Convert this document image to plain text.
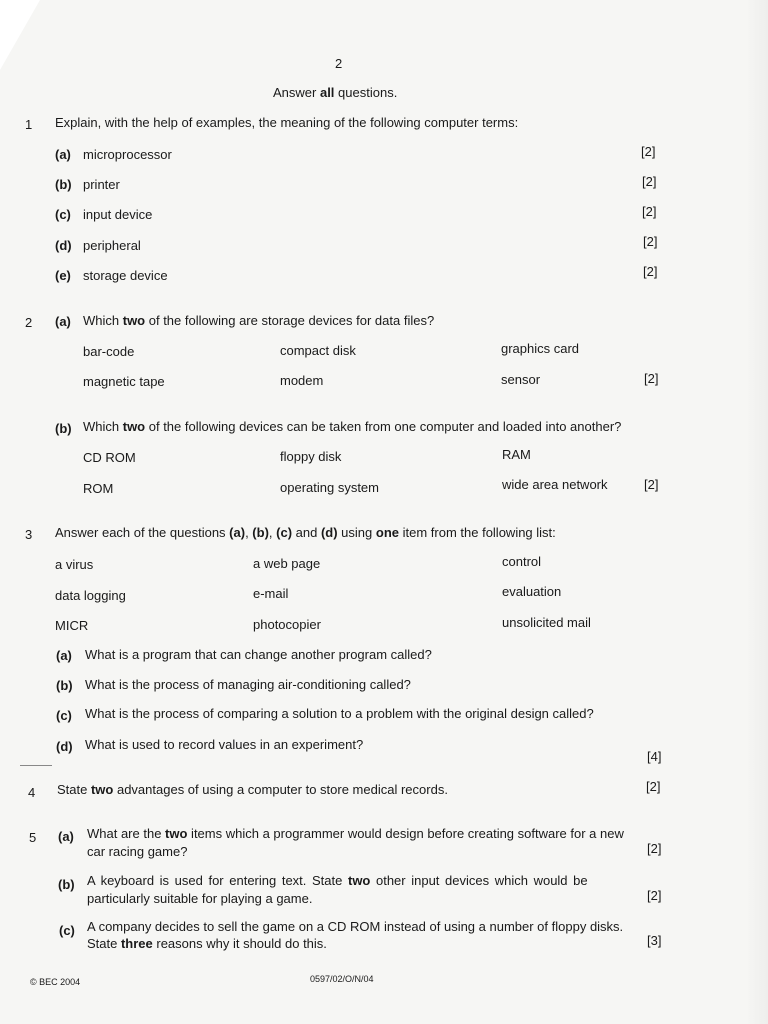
2
Answer all questions.
1 Explain, with the help of examples, the meaning of the following computer terms:
(a) microprocessor	[2]
(b) printer	[2]
(c) input device	[2]
(d) peripheral	[2]
(e) storage device	[2]
2 (a) Which two of the following are storage devices for data files?
bar-code	compact disk	graphics card
magnetic tape	modem	sensor	[2]
(b) Which two of the following devices can be taken from one computer and loaded into another?
CD ROM	floppy disk	RAM
ROM	operating system	wide area network	[2]
3 Answer each of the questions (a), (b), (c) and (d) using one item from the following list:
a virus	a web page	control
data logging	e-mail	evaluation
MICR	photocopier	unsolicited mail
(a) What is a program that can change another program called?
(b) What is the process of managing air-conditioning called?
(c) What is the process of comparing a solution to a problem with the original design called?
(d) What is used to record values in an experiment?
[4]
4 State two advantages of using a computer to store medical records.	[2]
5 (a) What are the two items which a programmer would design before creating software for a new
car racing game?	[2]
(b) A keyboard is used for entering text. State two other input devices which would be
particularly suitable for playing a game.	[2]
(c) A company decides to sell the game on a CD ROM instead of using a number of floppy disks.
State three reasons why it should do this.	[3]
© BEC 2004	0597/02/O/N/04
